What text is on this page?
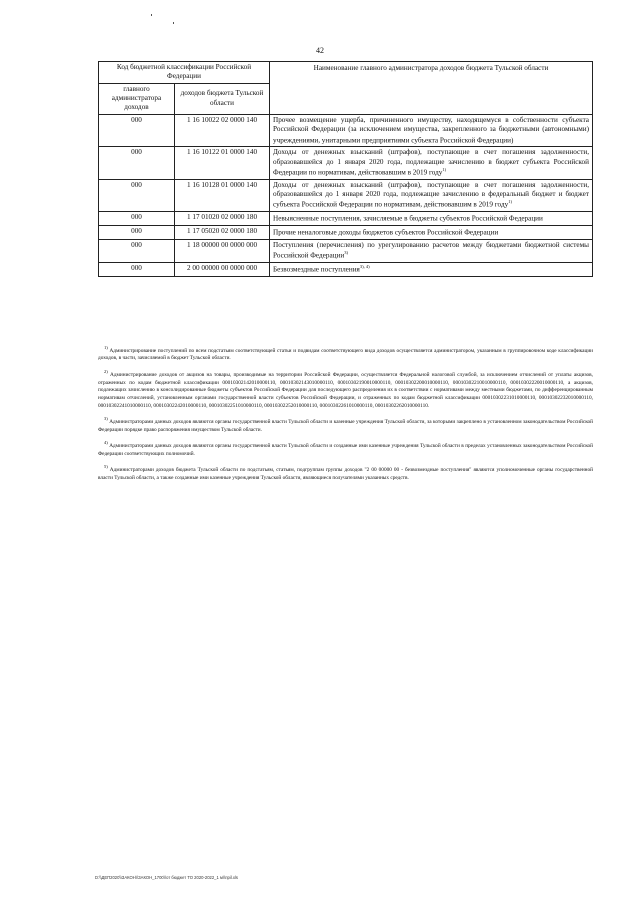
42
Код бюджетной классификации Российской Федерации		Наименование главного администратора доходов бюджета Тульской области
главного администратора доходов	доходов бюджета Тульской области	
000	1 16 10022 02 0000 140	Прочее возмещение ущерба, причиненного имуществу, находящемуся в собственности субъекта Российской Федерации (за исключением имущества, закрепленного за бюджетными (автономными) учреждениями, унитарными предприятиями субъекта Российской Федерации)
000	1 16 10122 01 0000 140	Доходы от денежных взысканий (штрафов), поступающие в счет погашения задолженности, образовавшейся до 1 января 2020 года, подлежащие зачислению в бюджет субъекта Российской Федерации по нормативам, действовавшим в 2019 году$^{1)}$
000	1 16 10128 01 0000 140	Доходы от денежных взысканий (штрафов), поступающие в счет погашения задолженности, образовавшейся до 1 января 2020 года, подлежащие зачислению в федеральный бюджет и бюджет субъекта Российской Федерации по нормативам, действовавшим в 2019 году$^{1)}$
000	1 17 01020 02 0000 180	Невыясненные поступления, зачисляемые в бюджеты субъектов Российской Федерации
000	1 17 05020 02 0000 180	Прочие неналоговые доходы бюджетов субъектов Российской Федерации
000	1 18 00000 00 0000 000	Поступления (перечисления) по урегулированию расчетов между бюджетами бюджетной системы Российской Федерации$^{3)}$
000	2 00 00000 00 0000 000	Безвозмездные поступления$^{3), 4)}$

$^{1)}$ Администрирование поступлений по всем подстатьям соответствующей статьи и подвидам соответствующего вида доходов осуществляется администратором, указанным в группировочном коде классификации доходов, в части, зачисляемой в бюджет Тульской области.

$^{2)}$ Администрирование доходов от акцизов на товары, производимые на территории Российской Федерации, осуществляется Федеральной налоговой службой, за исключением отчислений от уплаты акцизов, отраженных по кодам бюджетной классификации 00010302142010000110, 00010302143010000110, 00010302190010000110, 00010302200010000110, 00010302210010000110, 00010302220010000110, а акцизов, подлежащих зачислению в консолидированные бюджеты субъектов Российской Федерации для последующего распределения их в соответствии с нормативами между местными бюджетами, по дифференцированным нормативам отчислений, установленным органами государственной власти субъектов Российской Федерации, и отраженных по кодам бюджетной классификации 00010302231010000110, 00010302232010000110, 00010302241010000110, 00010302242010000110, 00010302251010000110, 00010302252010000110, 00010302261010000110, 00010302262010000110.

$^{3)}$ Администраторами данных доходов являются органы государственной власти Тульской области и казенные учреждения Тульской области, за которыми закреплено в установленном законодательством Российской Федерации порядке право распоряжения имуществом Тульской области.

$^{4)}$ Администраторами данных доходов являются органы государственной власти Тульской области и созданные ими казенные учреждения Тульской области в пределах установленных законодательством Российской Федерации соответствующих полномочий.

$^{5)}$ Администраторами доходов бюджета Тульской области по подстатьям, статьям, подгруппам группы доходов "2 00 00000 00 - безвозмездные поступления" являются уполномоченные органы государственной власти Тульской области, а также созданные ими казенные учреждения Тульской области, являющиеся получателями указанных средств.

D:\\ДЕП2020\\ЗАКОН\\ЗАКОН_1700\\от бюджет ТО 2020-2022_1 м\\прil.xls
